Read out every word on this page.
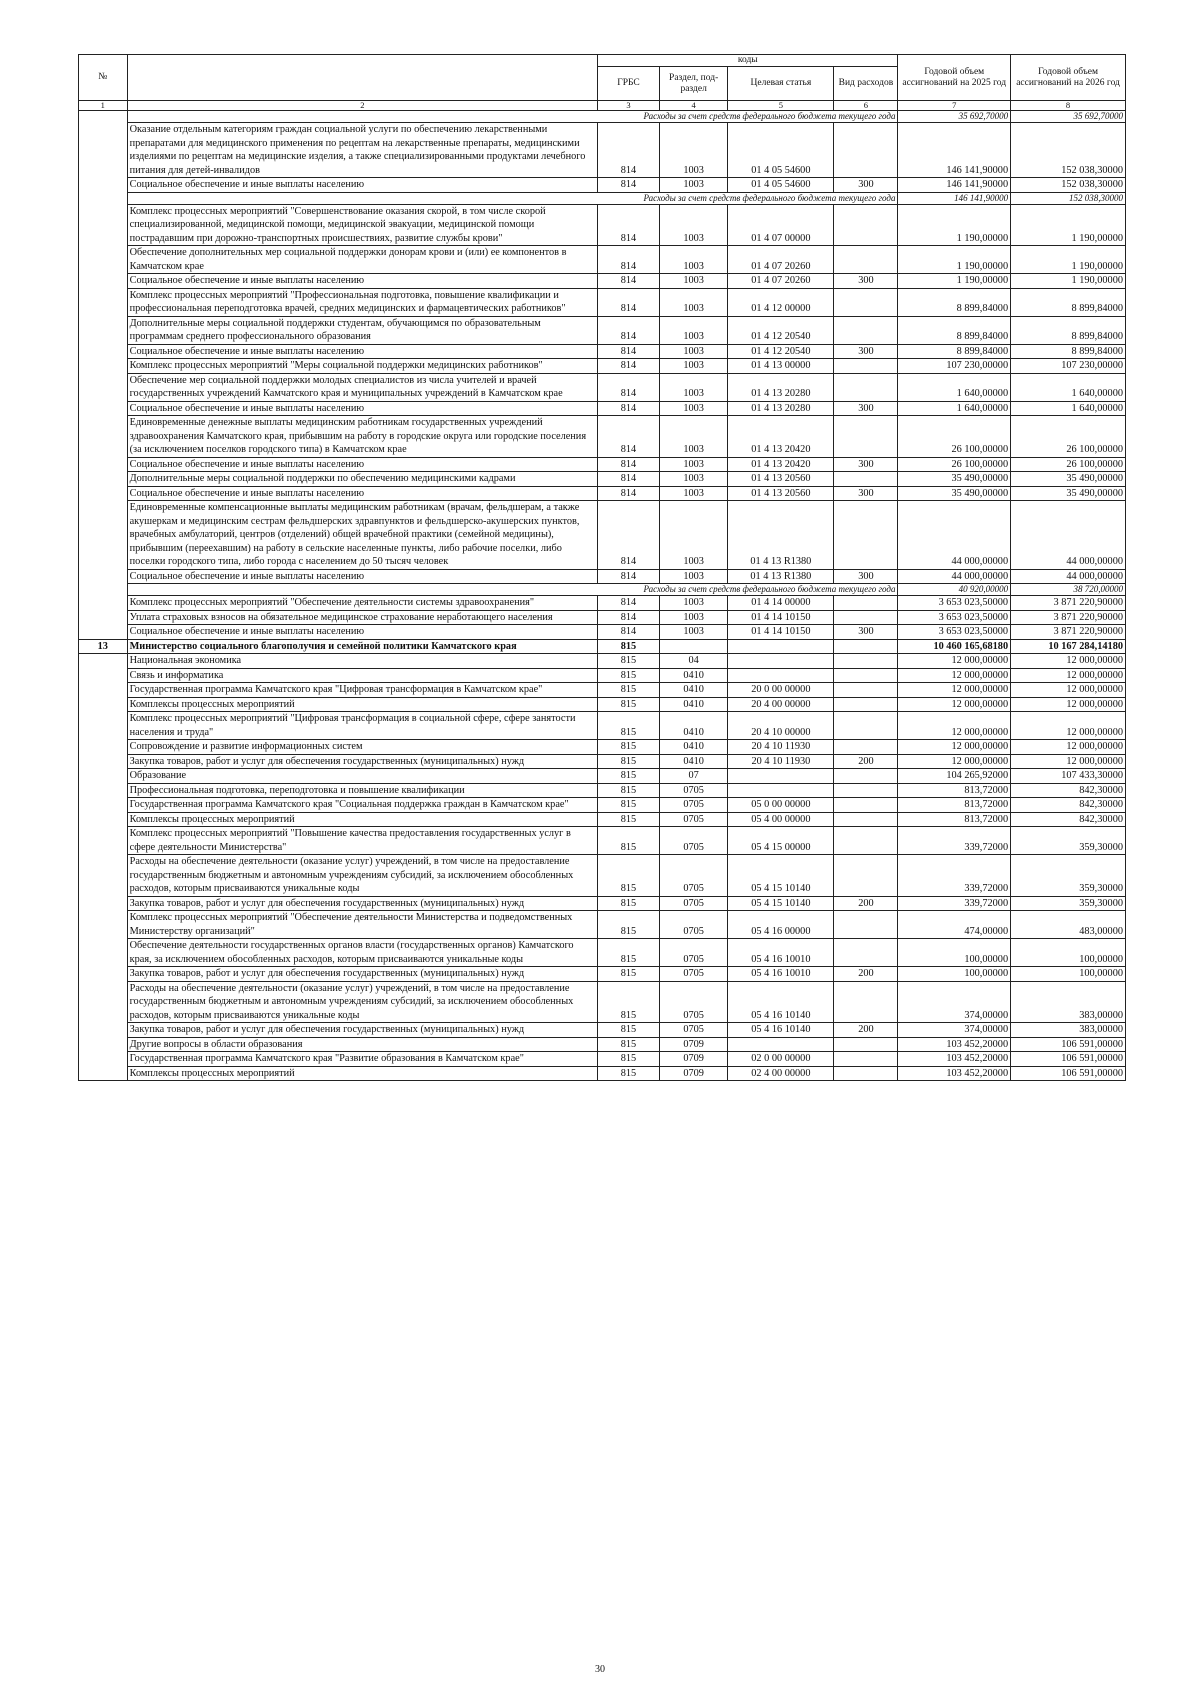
№		коды				Годовой объем ассигнований на 2025 год	Годовой объем ассигнований на 2026 год
		ГРБС	Раздел, под-раздел	Целевая статья	Вид расходов		
1	2	3	4	5	6	7	8
	Расходы за счет средств федерального бюджета текущего года					35 692,70000	35 692,70000
	Оказание отдельным категориям граждан социальной услуги по обеспечению лекарственными препаратами для медицинского применения по рецептам на лекарственные препараты, медицинскими изделиями по рецептам на медицинские изделия, а также специализированными продуктами лечебного питания для детей-инвалидов	814	1003	01 4 05 54600		146 141,90000	152 038,30000
	Социальное обеспечение и иные выплаты населению	814	1003	01 4 05 54600	300	146 141,90000	152 038,30000
	Расходы за счет средств федерального бюджета текущего года					146 141,90000	152 038,30000
	Комплекс процессных мероприятий "Совершенствование оказания скорой, в том числе скорой специализированной, медицинской помощи, медицинской эвакуации, медицинской помощи пострадавшим при дорожно-транспортных происшествиях, развитие службы крови"	814	1003	01 4 07 00000		1 190,00000	1 190,00000
	Обеспечение дополнительных мер социальной поддержки донорам крови и (или) ее компонентов в Камчатском крае	814	1003	01 4 07 20260		1 190,00000	1 190,00000
	Социальное обеспечение и иные выплаты населению	814	1003	01 4 07 20260	300	1 190,00000	1 190,00000
	Комплекс процессных мероприятий "Профессиональная подготовка, повышение квалификации и профессиональная переподготовка врачей, средних медицинских и фармацевтических работников"	814	1003	01 4 12 00000		8 899,84000	8 899,84000
	Дополнительные меры социальной поддержки студентам, обучающимся по образовательным программам среднего профессионального образования	814	1003	01 4 12 20540		8 899,84000	8 899,84000
	Социальное обеспечение и иные выплаты населению	814	1003	01 4 12 20540	300	8 899,84000	8 899,84000
	Комплекс процессных мероприятий "Меры социальной поддержки медицинских работников"	814	1003	01 4 13 00000		107 230,00000	107 230,00000
	Обеспечение мер социальной поддержки молодых специалистов из числа учителей и врачей государственных учреждений Камчатского края и муниципальных учреждений в Камчатском крае	814	1003	01 4 13 20280		1 640,00000	1 640,00000
	Социальное обеспечение и иные выплаты населению	814	1003	01 4 13 20280	300	1 640,00000	1 640,00000
	Единовременные денежные выплаты медицинским работникам государственных учреждений здравоохранения Камчатского края, прибывшим на работу в городские округа или городские поселения (за исключением поселков городского типа) в Камчатском крае	814	1003	01 4 13 20420		26 100,00000	26 100,00000
	Социальное обеспечение и иные выплаты населению	814	1003	01 4 13 20420	300	26 100,00000	26 100,00000
	Дополнительные меры социальной поддержки по обеспечению медицинскими кадрами	814	1003	01 4 13 20560		35 490,00000	35 490,00000
	Социальное обеспечение и иные выплаты населению	814	1003	01 4 13 20560	300	35 490,00000	35 490,00000
	Единовременные компенсационные выплаты медицинским работникам (врачам, фельдшерам, а также акушеркам и медицинским сестрам фельдшерских здравпунктов и фельдшерско-акушерских пунктов, врачебных амбулаторий, центров (отделений) общей врачебной практики (семейной медицины), прибывшим (переехавшим) на работу в сельские населенные пункты, либо рабочие поселки, либо поселки городского типа, либо города с населением до 50 тысяч человек	814	1003	01 4 13 R1380		44 000,00000	44 000,00000
	Социальное обеспечение и иные выплаты населению	814	1003	01 4 13 R1380	300	44 000,00000	44 000,00000
	Расходы за счет средств федерального бюджета текущего года					40 920,00000	38 720,00000
	Комплекс процессных мероприятий "Обеспечение деятельности системы здравоохранения"	814	1003	01 4 14 00000		3 653 023,50000	3 871 220,90000
	Уплата страховых взносов на обязательное медицинское страхование неработающего населения	814	1003	01 4 14 10150		3 653 023,50000	3 871 220,90000
	Социальное обеспечение и иные выплаты населению	814	1003	01 4 14 10150	300	3 653 023,50000	3 871 220,90000
13	Министерство социального благополучия и семейной политики Камчатского края	815				10 460 165,68180	10 167 284,14180
	Национальная экономика	815	04			12 000,00000	12 000,00000
	Связь и информатика	815	0410			12 000,00000	12 000,00000
	Государственная программа Камчатского края "Цифровая трансформация в Камчатском крае"	815	0410	20 0 00 00000		12 000,00000	12 000,00000
	Комплексы процессных мероприятий	815	0410	20 4 00 00000		12 000,00000	12 000,00000
	Комплекс процессных мероприятий "Цифровая трансформация в социальной сфере, сфере занятости населения и труда"	815	0410	20 4 10 00000		12 000,00000	12 000,00000
	Сопровождение и развитие информационных систем	815	0410	20 4 10 11930		12 000,00000	12 000,00000
	Закупка товаров, работ и услуг для обеспечения государственных (муниципальных) нужд	815	0410	20 4 10 11930	200	12 000,00000	12 000,00000
	Образование	815	07			104 265,92000	107 433,30000
	Профессиональная подготовка, переподготовка и повышение квалификации	815	0705			813,72000	842,30000
	Государственная программа Камчатского края "Социальная поддержка граждан в Камчатском крае"	815	0705	05 0 00 00000		813,72000	842,30000
	Комплексы процессных мероприятий	815	0705	05 4 00 00000		813,72000	842,30000
	Комплекс процессных мероприятий "Повышение качества предоставления государственных услуг в сфере деятельности Министерства"	815	0705	05 4 15 00000		339,72000	359,30000
	Расходы на обеспечение деятельности (оказание услуг) учреждений, в том числе на предоставление государственным бюджетным и автономным учреждениям субсидий, за исключением обособленных расходов, которым присваиваются уникальные коды	815	0705	05 4 15 10140		339,72000	359,30000
	Закупка товаров, работ и услуг для обеспечения государственных (муниципальных) нужд	815	0705	05 4 15 10140	200	339,72000	359,30000
	Комплекс процессных мероприятий "Обеспечение деятельности Министерства и подведомственных Министерству организаций"	815	0705	05 4 16 00000		474,00000	483,00000
	Обеспечение деятельности государственных органов власти (государственных органов) Камчатского края, за исключением обособленных расходов, которым присваиваются уникальные коды	815	0705	05 4 16 10010		100,00000	100,00000
	Закупка товаров, работ и услуг для обеспечения государственных (муниципальных) нужд	815	0705	05 4 16 10010	200	100,00000	100,00000
	Расходы на обеспечение деятельности (оказание услуг) учреждений, в том числе на предоставление государственным бюджетным и автономным учреждениям субсидий, за исключением обособленных расходов, которым присваиваются уникальные коды	815	0705	05 4 16 10140		374,00000	383,00000
	Закупка товаров, работ и услуг для обеспечения государственных (муниципальных) нужд	815	0705	05 4 16 10140	200	374,00000	383,00000
	Другие вопросы в области образования	815	0709			103 452,20000	106 591,00000
	Государственная программа Камчатского края "Развитие образования в Камчатском крае"	815	0709	02 0 00 00000		103 452,20000	106 591,00000
	Комплексы процессных мероприятий	815	0709	02 4 00 00000		103 452,20000	106 591,00000
30
